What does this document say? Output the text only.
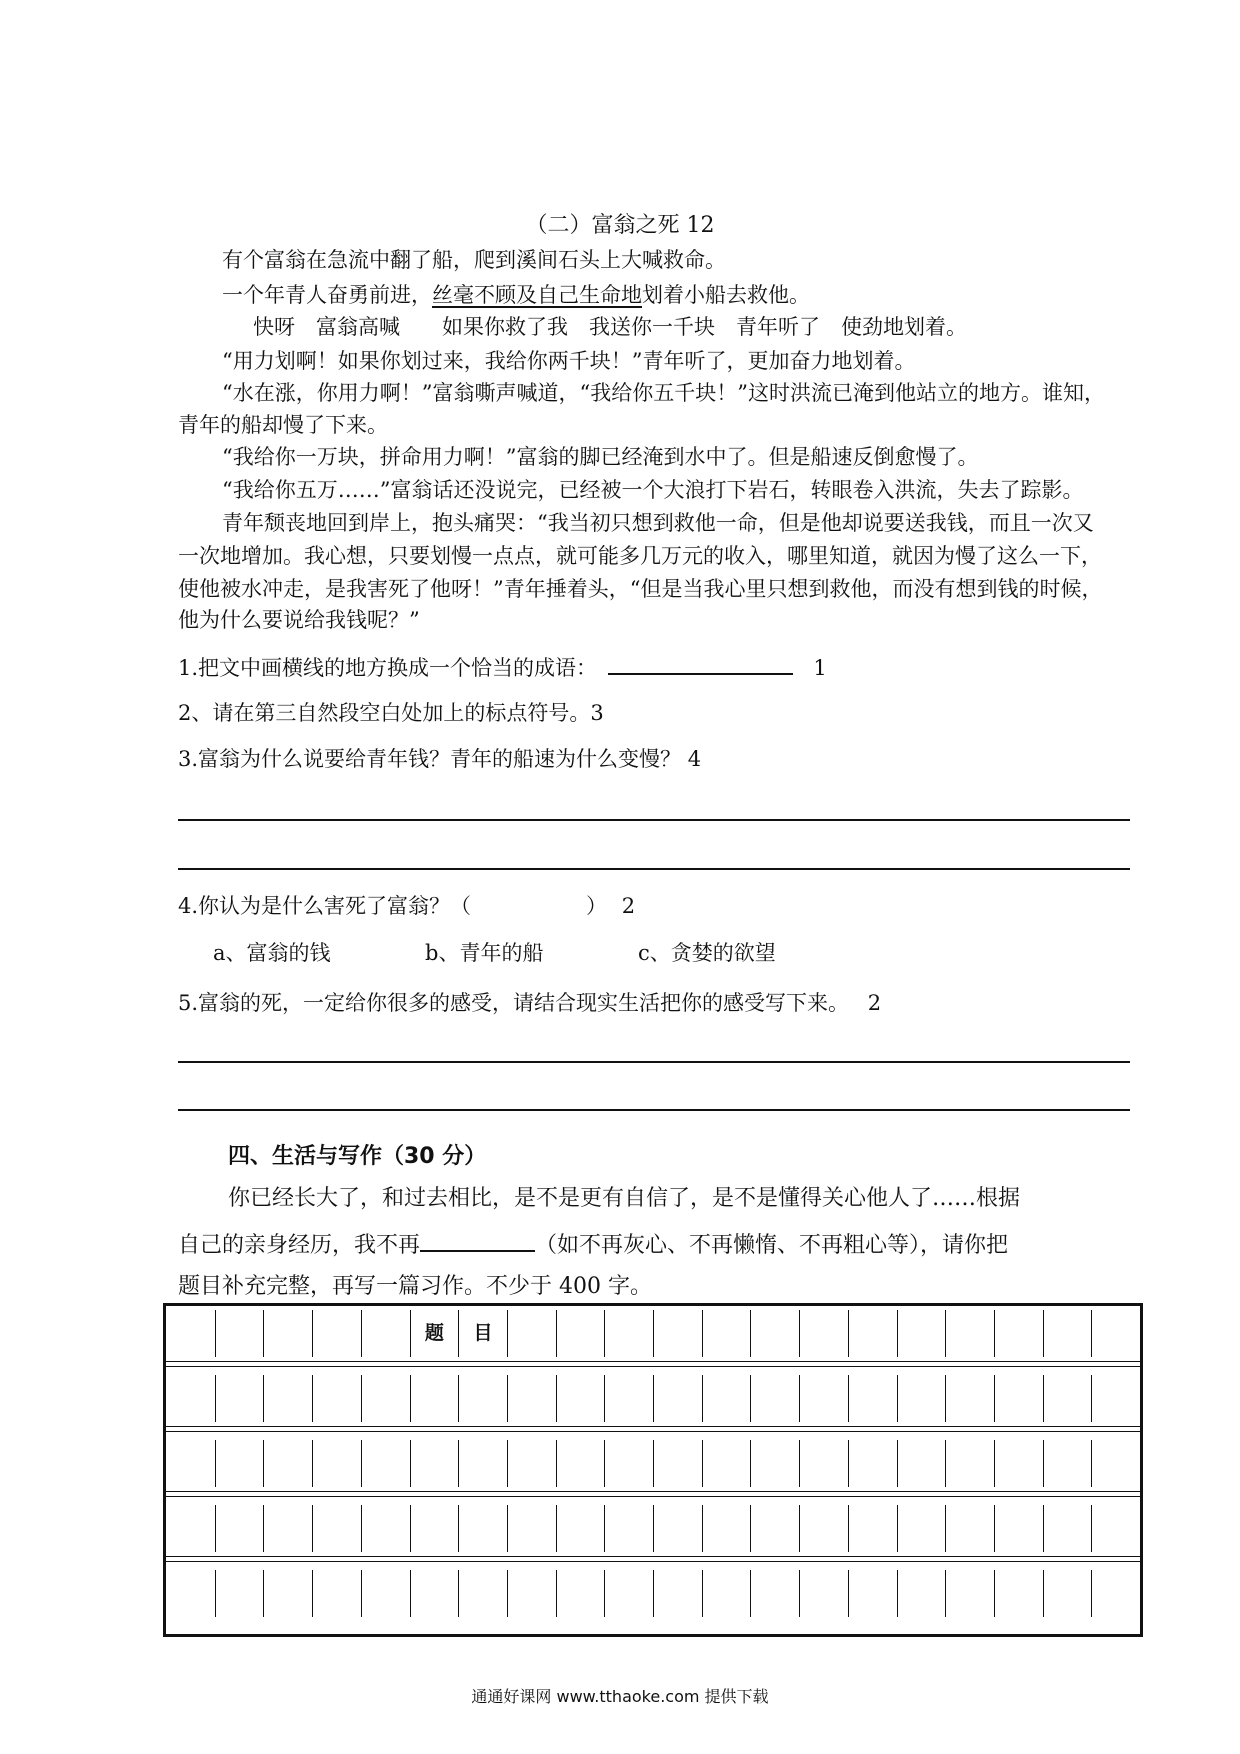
（二）富翁之死 12
有个富翁在急流中翻了船，爬到溪间石头上大喊救命。
一个年青人奋勇前进，丝毫不顾及自己生命地划着小船去救他。
快呀　富翁高喊　　如果你救了我　我送你一千块　青年听了　使劲地划着。
“用力划啊！如果你划过来，我给你两千块！”青年听了，更加奋力地划着。
“水在涨，你用力啊！”富翁嘶声喊道，“我给你五千块！”这时洪流已淹到他站立的地方。谁知，
青年的船却慢了下来。
“我给你一万块，拼命用力啊！”富翁的脚已经淹到水中了。但是船速反倒愈慢了。
“我给你五万……”富翁话还没说完，已经被一个大浪打下岩石，转眼卷入洪流，失去了踪影。
青年颓丧地回到岸上，抱头痛哭：“我当初只想到救他一命，但是他却说要送我钱，而且一次又
一次地增加。我心想，只要划慢一点点，就可能多几万元的收入，哪里知道，就因为慢了这么一下，
使他被水冲走，是我害死了他呀！”青年捶着头，“但是当我心里只想到救他，而没有想到钱的时候，
他为什么要说给我钱呢？”
1.把文中画横线的地方换成一个恰当的成语：	1
2、请在第三自然段空白处加上的标点符号。3
3.富翁为什么说要给青年钱？青年的船速为什么变慢？ 4
4.你认为是什么害死了富翁？（	） 2
a、富翁的钱	b、青年的船	c、贪婪的欲望
5.富翁的死，一定给你很多的感受，请结合现实生活把你的感受写下来。 2
四、生活与写作（30 分）
你已经长大了，和过去相比，是不是更有自信了，是不是懂得关心他人了……根据
自己的亲身经历，我不再	（如不再灰心、不再懒惰、不再粗心等），请你把
题目补充完整，再写一篇习作。不少于 400 字。
题	目
通通好课网 www.tthaoke.com 提供下载
